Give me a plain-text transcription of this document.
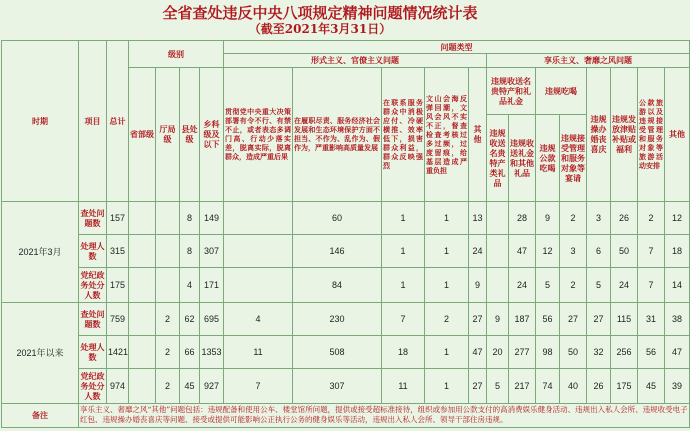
全省查处违反中央八项规定精神问题情况统计表
（截至2021年3月31日）
时期	项目	总计	级别				问题类型												
							形式主义、官僚主义问题					享乐主义、奢靡之风问题							
			省部级	厅局级	县处级	乡科级及以下	贯彻党中央重大决策部署有令不行、有禁不止，或者表态多调门高、行动少落实差，脱离实际，脱离群众，造成严重后果	在履职尽责、服务经济社会发展和生态环境保护方面不担当、不作为、乱作为、假作为，严重影响高质量发展	在联系服务群众中消极应付、冷硬横推、效率低下，损害群众利益，群众反映强烈	文山会海反弹回潮，文风会风不实不正，督查检查考核过多过频，过度留痕，给基层造成严重负担	其他	违规收送名贵特产和礼品礼金		违规吃喝		违规操办婚丧喜庆	违规发放津贴补贴或福利	公款旅游以及违规接受管理和服务对象等旅游活动安排	其他
												违规收送名贵特产类礼品	违规收送礼金和其他礼品	违规公款吃喝	违规接受管理和服务对象等宴请				
2021年3月	查处问题数	157			8	149		60	1	1	13		28	9	2	3	26	2	12
	处理人数	315			8	307		146	1	1	24		47	12	3	6	50	7	18
	党纪政务处分人数	175			4	171		84	1	1	9		24	5	2	5	24	7	14
2021年以来	查处问题数	759		2	62	695	4	230	7	2	27	9	187	56	27	27	115	31	38
	处理人数	1421		2	66	1353	11	508	18	1	47	20	277	98	50	32	256	56	47
	党纪政务处分人数	974		2	45	927	7	307	11	1	27	5	217	74	40	26	175	45	39
备注	享乐主义、奢靡之风“其他”问题包括：违规配备和使用公车、楼堂馆所问题，提供或接受超标准接待，组织或参加用公款支付的高消费娱乐健身活动、违规出入私人会所、违规收受电子红包、违规操办婚丧喜庆等问题、接受或提供可能影响公正执行公务的健身娱乐等活动，违规出入私人会所、领导干部住房违规。																		
